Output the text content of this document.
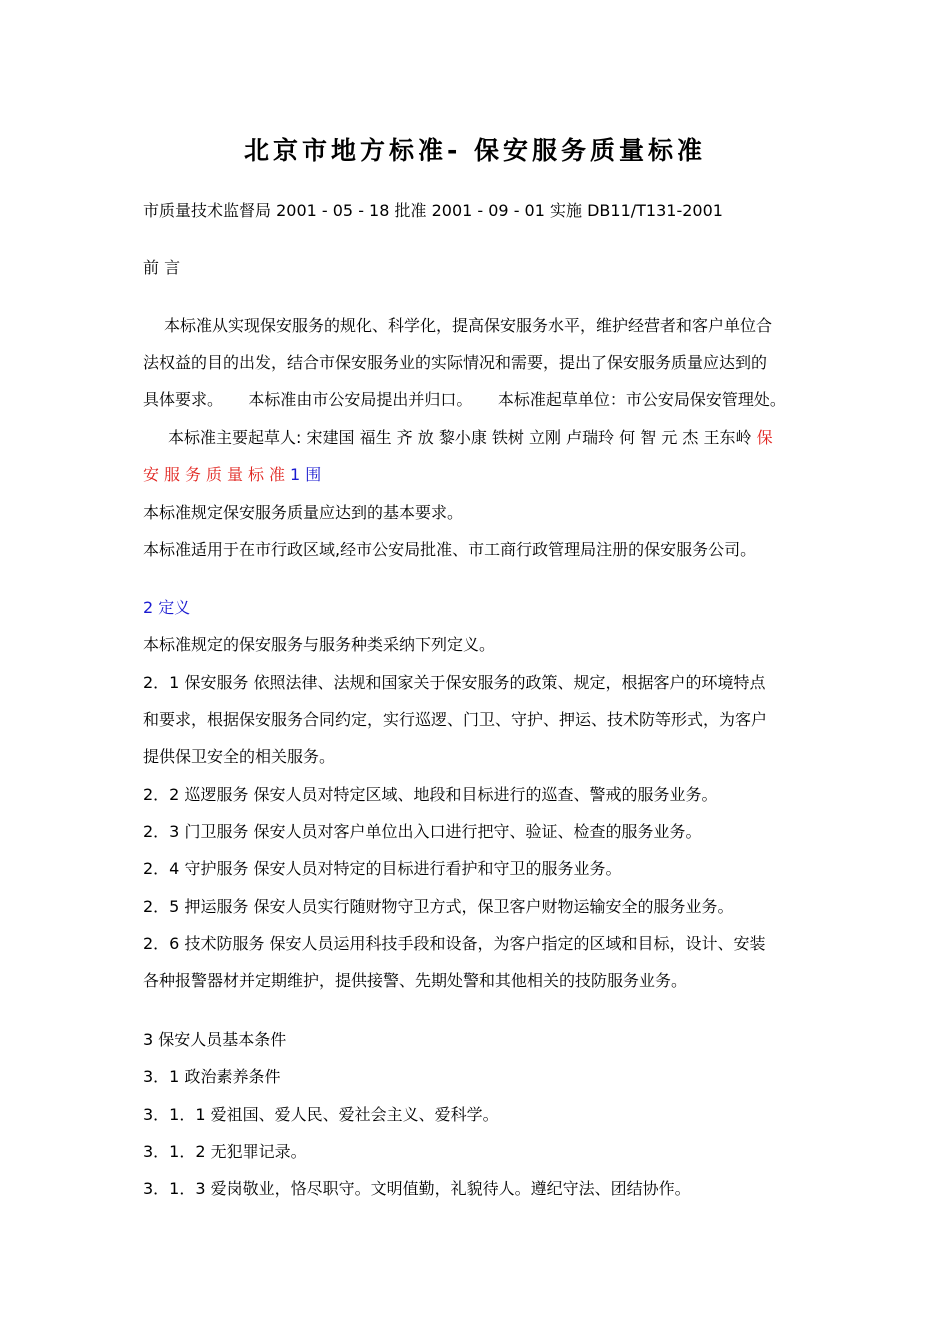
北京市地方标准- 保安服务质量标准
市质量技术监督局 2001 - 05 - 18 批准 2001 - 09 - 01 实施 DB11/T131-2001
前 言
本标准从实现保安服务的规化、科学化，提高保安服务水平，维护经营者和客户单位合
法权益的目的出发，结合市保安服务业的实际情况和需要，提出了保安服务质量应达到的
具体要求。     本标准由市公安局提出并归口。     本标准起草单位：市公安局保安管理处。
本标准主要起草人: 宋建国 福生 齐 放 黎小康 铁树 立刚 卢瑞玲 何 智 元 杰 王东岭 保
安服务质量标准1 围
本标准规定保安服务质量应达到的基本要求。
本标准适用于在市行政区域,经市公安局批准、市工商行政管理局注册的保安服务公司。
2 定义
本标准规定的保安服务与服务种类采纳下列定义。
2．1 保安服务 依照法律、法规和国家关于保安服务的政策、规定，根据客户的环境特点
和要求，根据保安服务合同约定，实行巡逻、门卫、守护、押运、技术防等形式，为客户
提供保卫安全的相关服务。
2．2 巡逻服务 保安人员对特定区域、地段和目标进行的巡查、警戒的服务业务。
2．3 门卫服务 保安人员对客户单位出入口进行把守、验证、检查的服务业务。
2．4 守护服务 保安人员对特定的目标进行看护和守卫的服务业务。
2．5 押运服务 保安人员实行随财物守卫方式，保卫客户财物运输安全的服务业务。
2．6 技术防服务 保安人员运用科技手段和设备，为客户指定的区域和目标，设计、安装
各种报警器材并定期维护，提供接警、先期处警和其他相关的技防服务业务。
3 保安人员基本条件
3．1 政治素养条件
3．1．1 爱祖国、爱人民、爱社会主义、爱科学。
3．1．2 无犯罪记录。
3．1．3 爱岗敬业，恪尽职守。文明值勤，礼貌待人。遵纪守法、团结协作。
